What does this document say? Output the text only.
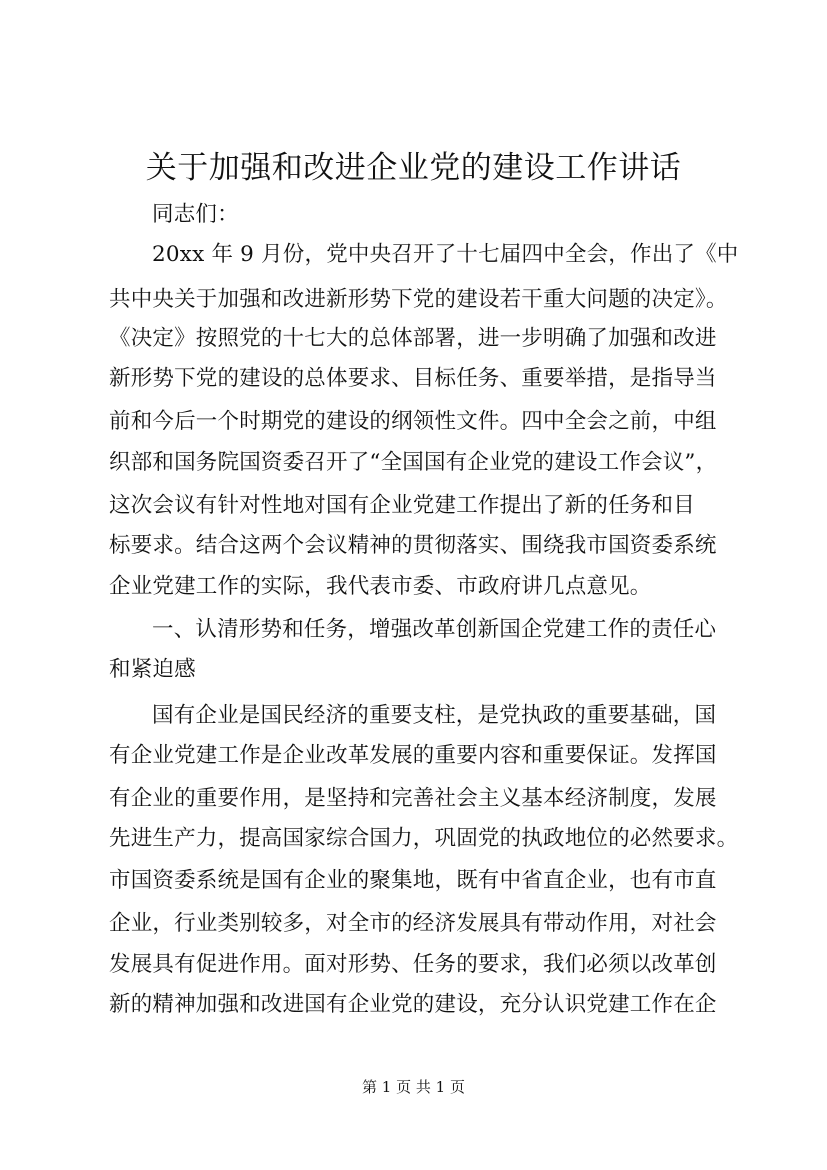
关于加强和改进企业党的建设工作讲话
同志们：
20xx 年 9 月份，党中央召开了十七届四中全会，作出了《中
共中央关于加强和改进新形势下党的建设若干重大问题的决定》。
《决定》按照党的十七大的总体部署，进一步明确了加强和改进
新形势下党的建设的总体要求、目标任务、重要举措，是指导当
前和今后一个时期党的建设的纲领性文件。四中全会之前，中组
织部和国务院国资委召开了“全国国有企业党的建设工作会议”，
这次会议有针对性地对国有企业党建工作提出了新的任务和目
标要求。结合这两个会议精神的贯彻落实、围绕我市国资委系统
企业党建工作的实际，我代表市委、市政府讲几点意见。
一、认清形势和任务，增强改革创新国企党建工作的责任心
和紧迫感
国有企业是国民经济的重要支柱，是党执政的重要基础，国
有企业党建工作是企业改革发展的重要内容和重要保证。发挥国
有企业的重要作用，是坚持和完善社会主义基本经济制度，发展
先进生产力，提高国家综合国力，巩固党的执政地位的必然要求。
市国资委系统是国有企业的聚集地，既有中省直企业，也有市直
企业，行业类别较多，对全市的经济发展具有带动作用，对社会
发展具有促进作用。面对形势、任务的要求，我们必须以改革创
新的精神加强和改进国有企业党的建设，充分认识党建工作在企
第 1 页 共 1 页
